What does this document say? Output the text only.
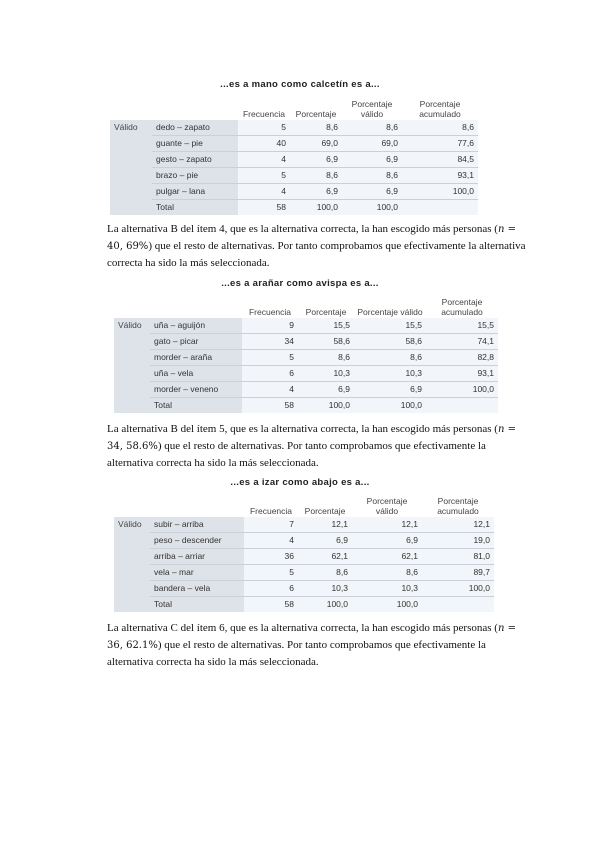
...es a mano como calcetín es a...
		Frecuencia	Porcentaje	Porcentaje válido	Porcentaje acumulado
Válido	dedo – zapato	5	8,6	8,6	8,6
	guante – pie	40	69,0	69,0	77,6
	gesto – zapato	4	6,9	6,9	84,5
	brazo – pie	5	8,6	8,6	93,1
	pulgar – lana	4	6,9	6,9	100,0
	Total	58	100,0	100,0	

La alternativa B del ítem 4, que es la alternativa correcta, la han escogido más personas (n = 40, 69%) que el resto de alternativas. Por tanto comprobamos que efectivamente la alternativa correcta ha sido la más seleccionada.

...es a arañar como avispa es a...
		Frecuencia	Porcentaje	Porcentaje válido	Porcentaje acumulado
Válido	uña – aguijón	9	15,5	15,5	15,5
	gato – picar	34	58,6	58,6	74,1
	morder – araña	5	8,6	8,6	82,8
	uña – vela	6	10,3	10,3	93,1
	morder – veneno	4	6,9	6,9	100,0
	Total	58	100,0	100,0	

La alternativa B del ítem 5, que es la alternativa correcta, la han escogido más personas (n = 34, 58.6%) que el resto de alternativas. Por tanto comprobamos que efectivamente la alternativa correcta ha sido la más seleccionada.

...es a izar como abajo es a...
		Frecuencia	Porcentaje	Porcentaje válido	Porcentaje acumulado
Válido	subir – arriba	7	12,1	12,1	12,1
	peso – descender	4	6,9	6,9	19,0
	arriba – arriar	36	62,1	62,1	81,0
	vela – mar	5	8,6	8,6	89,7
	bandera – vela	6	10,3	10,3	100,0
	Total	58	100,0	100,0	

La alternativa C del ítem 6, que es la alternativa correcta, la han escogido más personas (n = 36, 62.1%) que el resto de alternativas. Por tanto comprobamos que efectivamente la alternativa correcta ha sido la más seleccionada.
